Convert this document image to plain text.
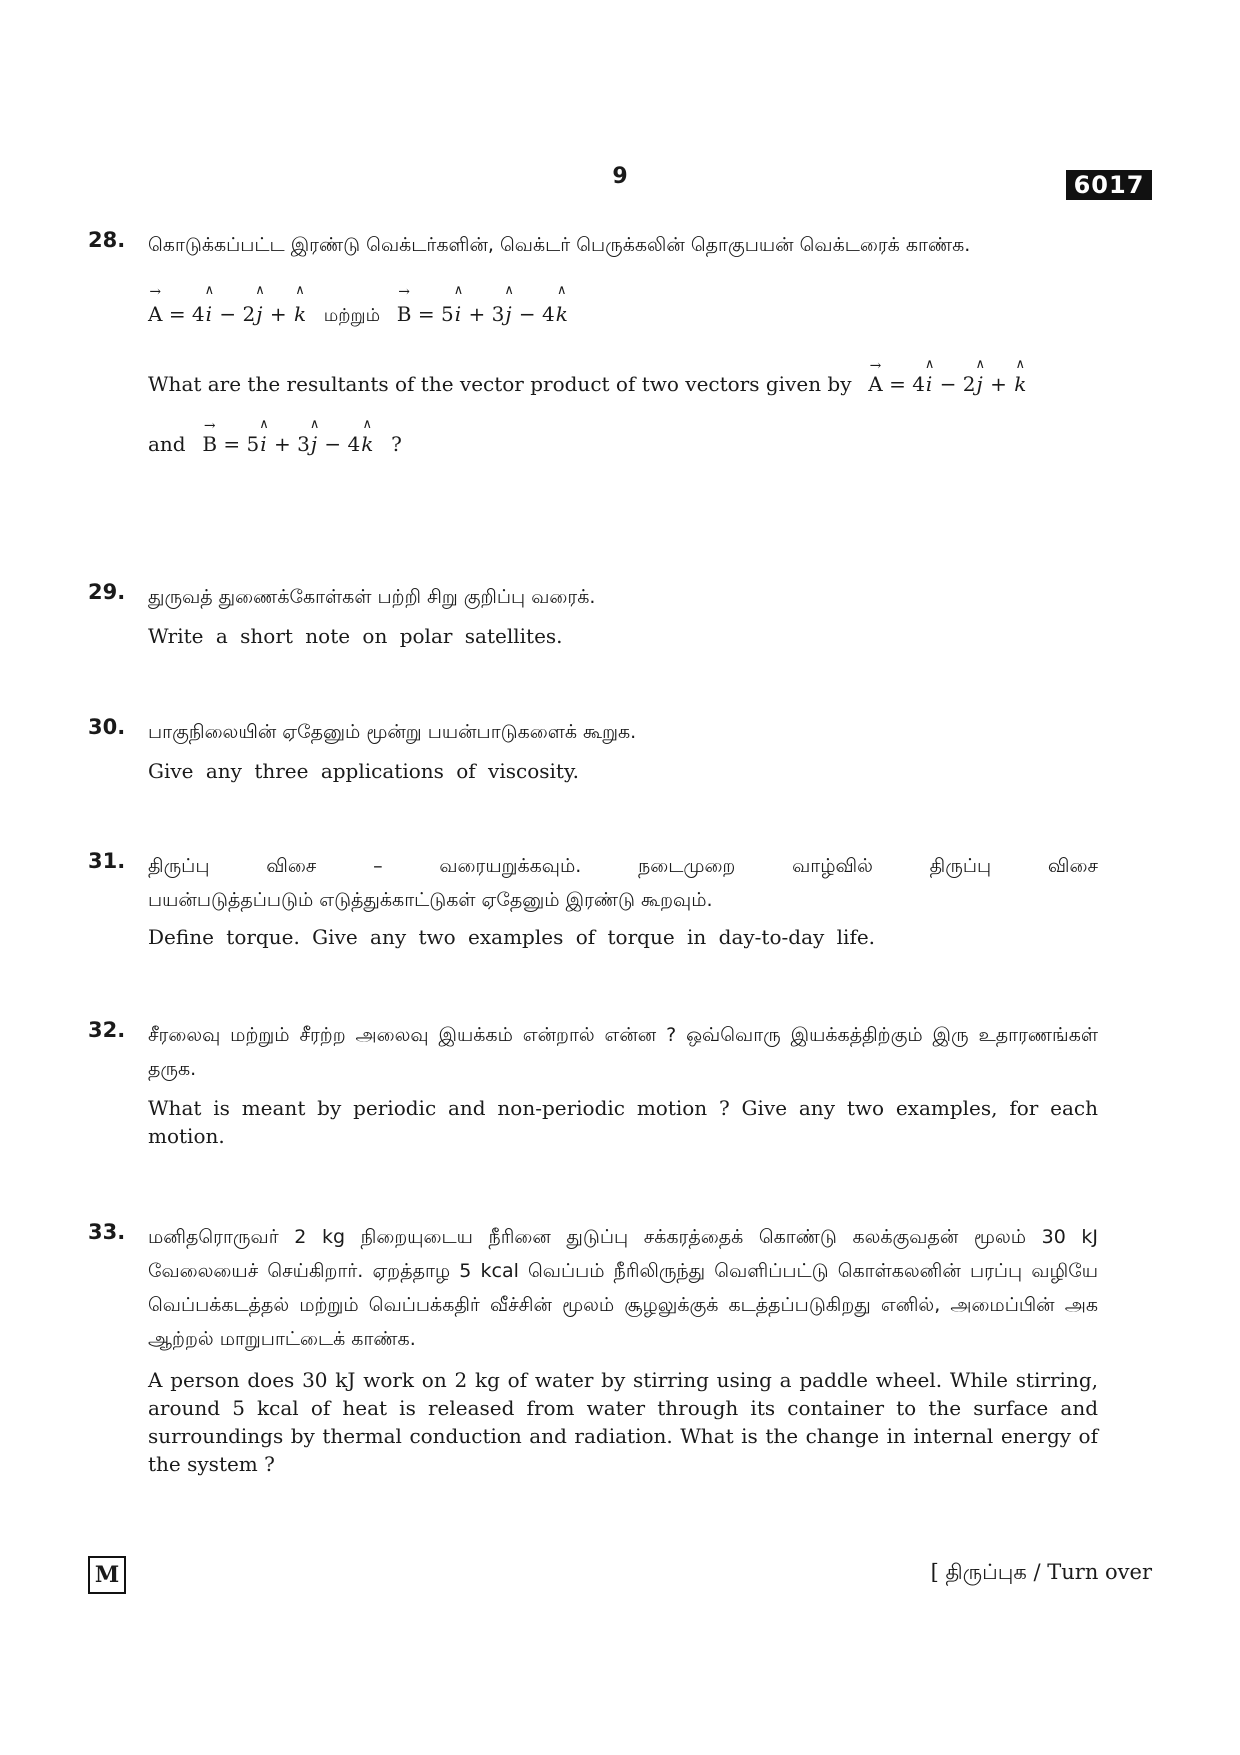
9	6017
28. கொடுக்கப்பட்ட இரண்டு வெக்டர்களின், வெக்டர் பெருக்கலின் தொகுபயன் வெக்டரைக் காண்க.

→ A = 4∧ i − 2∧ j + ∧ k மற்றும் → B = 5∧ i + 3∧ j − 4∧ k
What are the resultants of the vector product of two vectors given by → A = 4∧ i − 2∧ j + ∧ k
and → B = 5∧ i + 3∧ j − 4∧ k ?
29. துருவத் துணைக்கோள்கள் பற்றி சிறு குறிப்பு வரைக்.

Write a short note on polar satellites.

30. பாகுநிலையின் ஏதேனும் மூன்று பயன்பாடுகளைக் கூறுக.

Give any three applications of viscosity.

31. திருப்பு விசை – வரையறுக்கவும். நடைமுறை வாழ்வில் திருப்பு விசை

பயன்படுத்தப்படும் எடுத்துக்காட்டுகள் ஏதேனும் இரண்டு கூறவும்.

Define torque. Give any two examples of torque in day-to-day life.

32. சீரலைவு மற்றும் சீரற்ற அலைவு இயக்கம் என்றால் என்ன ? ஒவ்வொரு இயக்கத்திற்கும் இரு உதாரணங்கள் தருக.

What is meant by periodic and non-periodic motion ? Give any two examples, for each motion.

33. மனிதரொருவர் 2 kg நிறையுடைய நீரினை துடுப்பு சக்கரத்தைக் கொண்டு கலக்குவதன் மூலம் 30 kJ வேலையைச் செய்கிறார். ஏறத்தாழ 5 kcal வெப்பம் நீரிலிருந்து வெளிப்பட்டு கொள்கலனின் பரப்பு வழியே வெப்பக்கடத்தல் மற்றும் வெப்பக்கதிர் வீச்சின் மூலம் சூழலுக்குக் கடத்தப்படுகிறது எனில், அமைப்பின் அக ஆற்றல் மாறுபாட்டைக் காண்க.

A person does 30 kJ work on 2 kg of water by stirring using a paddle wheel. While stirring, around 5 kcal of heat is released from water through its container to the surface and surroundings by thermal conduction and radiation. What is the change in internal energy of the system ?

M	[ திருப்புக / Turn over
